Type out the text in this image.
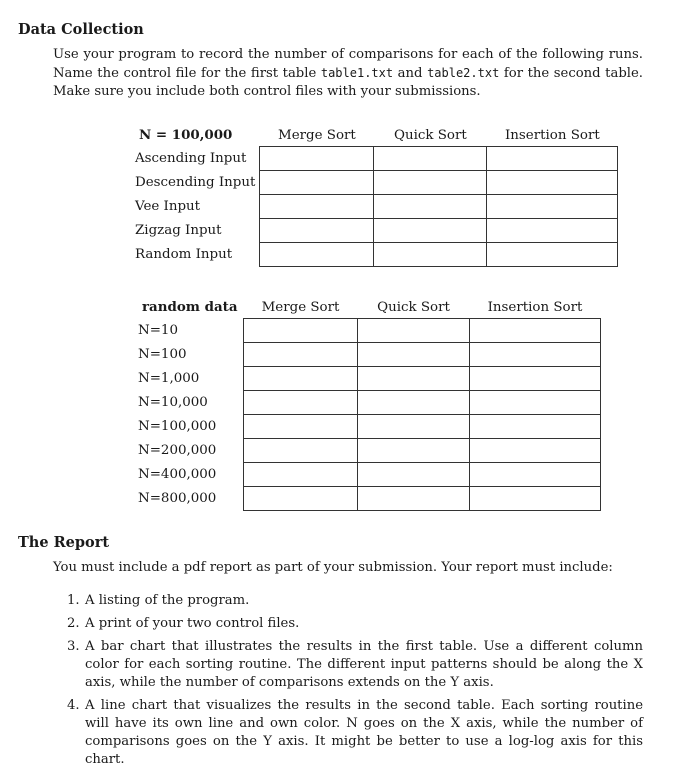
Data Collection

Use your program to record the number of comparisons for each of the following runs. Name the control file for the first table table1.txt and table2.txt for the second table. Make sure you include both control files with your submissions.

N = 100,000	Merge Sort	Quick Sort	Insertion Sort
Ascending Input			
Descending Input			
Vee Input			
Zigzag Input			
Random Input			
random data	Merge Sort	Quick Sort	Insertion Sort
N=10			
N=100			
N=1,000			
N=10,000			
N=100,000			
N=200,000			
N=400,000			
N=800,000			
The Report

You must include a pdf report as part of your submission. Your report must include:

1. A listing of the program.
2. A print of your two control files.
3. A bar chart that illustrates the results in the first table. Use a different column color for each sorting routine. The different input patterns should be along the X axis, while the number of comparisons extends on the Y axis.
4. A line chart that visualizes the results in the second table. Each sorting routine will have its own line and own color. N goes on the X axis, while the number of comparisons goes on the Y axis. It might be better to use a log-log axis for this chart.
